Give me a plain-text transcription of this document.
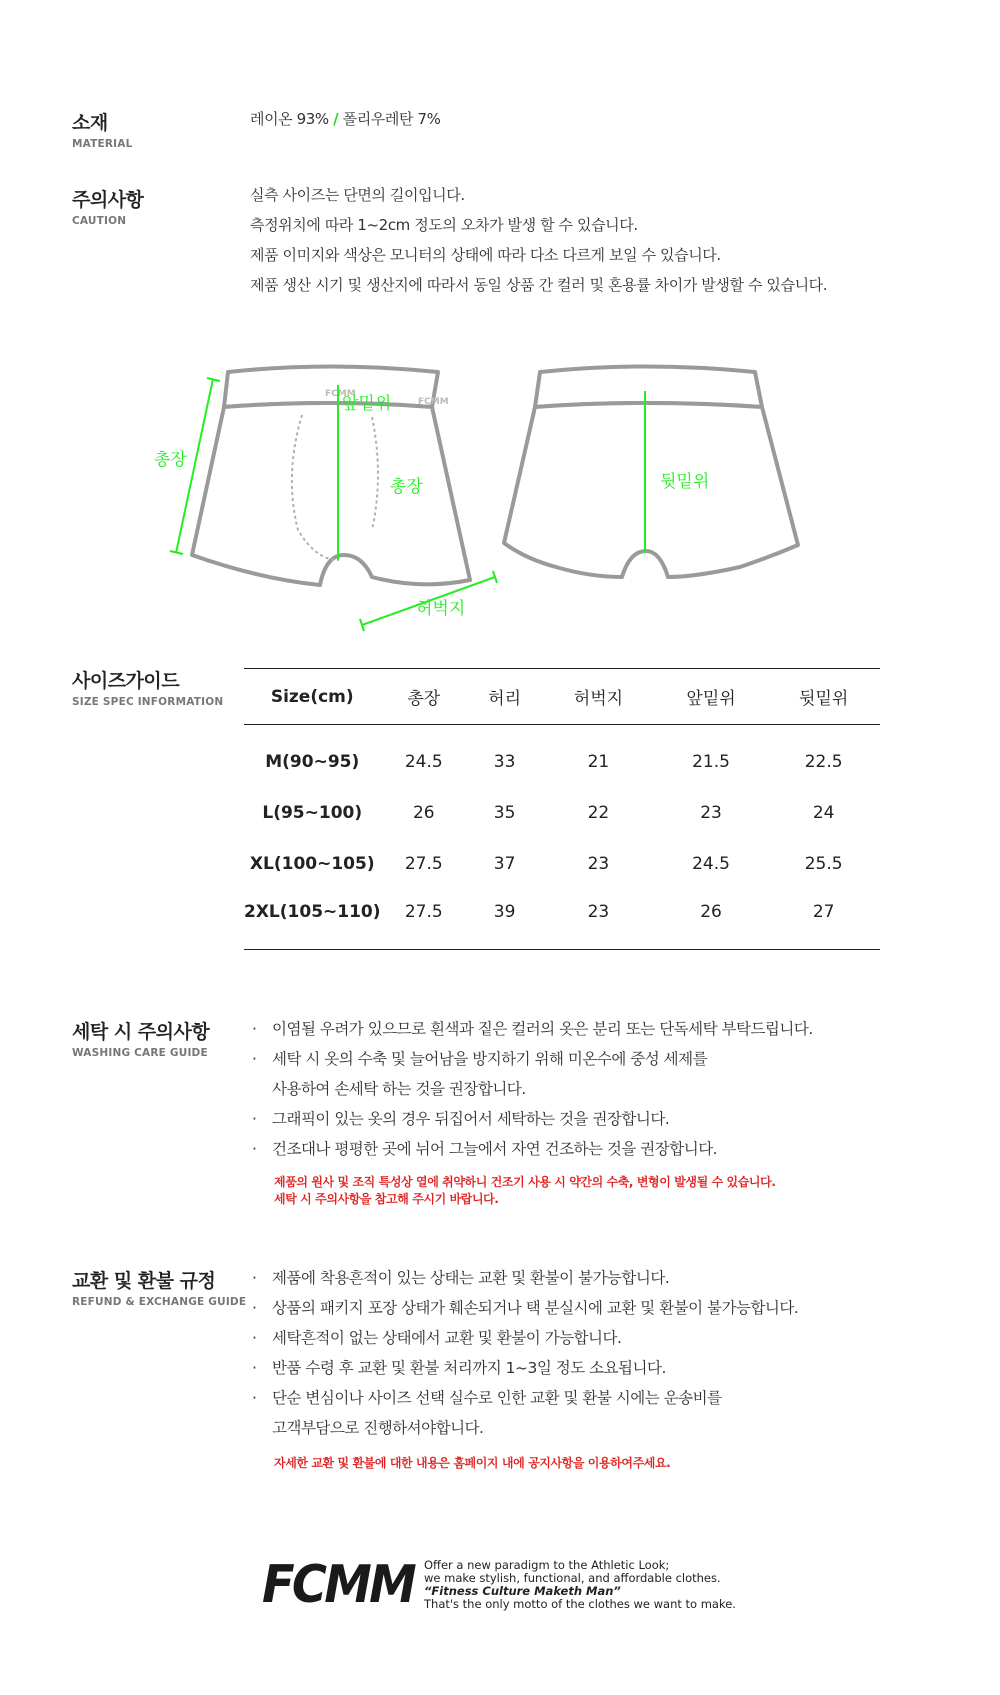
소재
MATERIAL
레이온 93% / 폴리우레탄 7%
주의사항
CAUTION
실측 사이즈는 단면의 길이입니다.
측정위치에 따라 1~2cm 정도의 오차가 발생 할 수 있습니다.
제품 이미지와 색상은 모니터의 상태에 따라 다소 다르게 보일 수 있습니다.
제품 생산 시기 및 생산지에 따라서 동일 상품 간 컬러 및 혼용률 차이가 발생할 수 있습니다.
FCMM
FCMM
총장
앞밑위
총장
허벅지
뒷밑위
사이즈가이드
SIZE SPEC INFORMATION	Size(cm)	총장	허리	허벅지	앞밑위	뒷밑위

M(90~95)	24.5	33	21	21.5	22.5
L(95~100)	26	35	22	23	24
XL(100~105)	27.5	37	23	24.5	25.5
2XL(105~110)	27.5	39	23	26	27
세탁 시 주의사항
WASHING CARE GUIDE
· 이염될 우려가 있으므로 흰색과 짙은 컬러의 옷은 분리 또는 단독세탁 부탁드립니다.
· 세탁 시 옷의 수축 및 늘어남을 방지하기 위해 미온수에 중성 세제를
사용하여 손세탁 하는 것을 권장합니다.
· 그래픽이 있는 옷의 경우 뒤집어서 세탁하는 것을 권장합니다.
· 건조대나 평평한 곳에 뉘어 그늘에서 자연 건조하는 것을 권장합니다.
제품의 원사 및 조직 특성상 열에 취약하니 건조기 사용 시 약간의 수축, 변형이 발생될 수 있습니다.
세탁 시 주의사항을 참고해 주시기 바랍니다.
교환 및 환불 규정
REFUND & EXCHANGE GUIDE
· 제품에 착용흔적이 있는 상태는 교환 및 환불이 불가능합니다.
· 상품의 패키지 포장 상태가 훼손되거나 택 분실시에 교환 및 환불이 불가능합니다.
· 세탁흔적이 없는 상태에서 교환 및 환불이 가능합니다.
· 반품 수령 후 교환 및 환불 처리까지 1~3일 정도 소요됩니다.
· 단순 변심이나 사이즈 선택 실수로 인한 교환 및 환불 시에는 운송비를
고객부담으로 진행하셔야합니다.
자세한 교환 및 환불에 대한 내용은 홈페이지 내에 공지사항을 이용하여주세요.
FCMM Offer a new paradigm to the Athletic Look;
we make stylish, functional, and affordable clothes.
“Fitness Culture Maketh Man”
That's the only motto of the clothes we want to make.
